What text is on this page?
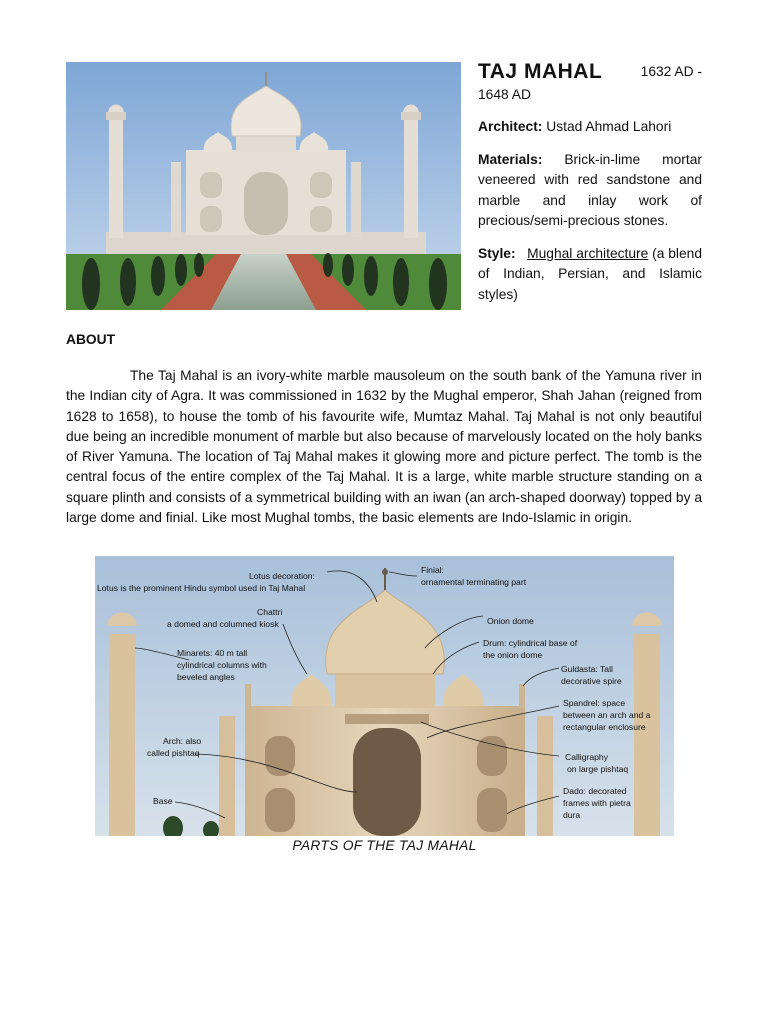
TAJ MAHAL	1632 AD -

1648 AD

Architect: Ustad Ahmad Lahori

Materials: Brick-in-lime mortar veneered with red sandstone and marble and inlay work of precious/semi-precious stones.

Style: Mughal architecture (a blend of Indian, Persian, and Islamic styles)

ABOUT

The Taj Mahal is an ivory-white marble mausoleum on the south bank of the Yamuna river in the Indian city of Agra. It was commissioned in 1632 by the Mughal emperor, Shah Jahan (reigned from 1628 to 1658), to house the tomb of his favourite wife, Mumtaz Mahal. Taj Mahal is not only beautiful due being an incredible monument of marble but also because of marvelously located on the holy banks of River Yamuna. The location of Taj Mahal makes it glowing more and picture perfect. The tomb is the central focus of the entire complex of the Taj Mahal. It is a large, white marble structure standing on a square plinth and consists of a symmetrical building with an iwan (an arch-shaped doorway) topped by a large dome and finial. Like most Mughal tombs, the basic elements are Indo-Islamic in origin.

Lotus decoration:
Lotus is the prominent Hindu symbol used in Taj Mahal
Finial:
ornamental terminating part
Chattri
a domed and columned kiosk	Onion dome
Drum: cylindrical base of
the onion dome
Minarets: 40 m tall
cylindrical columns with
beveled angles
Guldasta: Tall
decorative spire
Spandrel: space
between an arch and a
rectangular enclosure
Arch: also
called pishtaq	Calligraphy
on large pishtaq
Base
Dado: decorated
frames with pietra
dura
PARTS OF THE TAJ MAHAL
